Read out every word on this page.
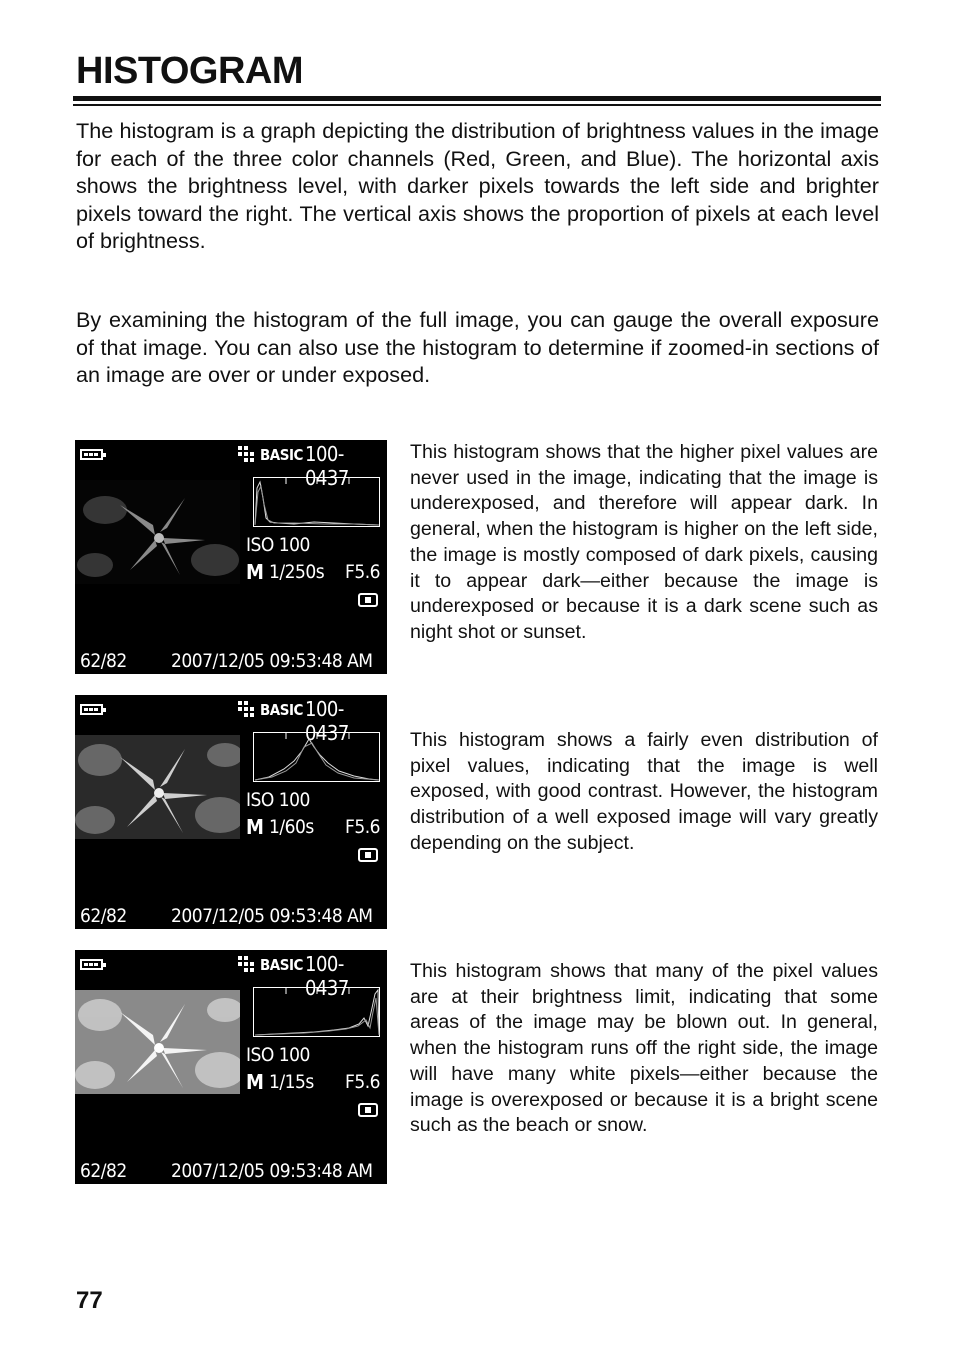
HISTOGRAM
The histogram is a graph depicting the distribution of brightness values in the image for each of the three color channels (Red, Green, and Blue). The horizontal axis shows the brightness level, with darker pixels towards the left side and brighter pixels toward the right. The vertical axis shows the proportion of pixels at each level of brightness.
By examining the histogram of the full image, you can gauge the overall exposure of that image. You can also use the histogram to determine if zoomed-in sections of an image are over or under exposed.
BASIC 100-0437
ISO 100
M 1/250s F5.6
62/82 2007/12/05 09:53:48 AM
This histogram shows that the higher pixel values are never used in the image, indicating that the image is underexposed, and therefore will appear dark. In general, when the histogram is higher on the left side, the image is mostly composed of dark pixels, causing it to appear dark—either because the image is underexposed or because it is a dark scene such as night shot or sunset.
BASIC 100-0437
ISO 100
M 1/60s F5.6
62/82 2007/12/05 09:53:48 AM
This histogram shows a fairly even distribution of pixel values, indicating that the image is well exposed, with good contrast. However, the histogram distribution of a well exposed image will vary greatly depending on the subject.
BASIC 100-0437
ISO 100
M 1/15s F5.6
62/82 2007/12/05 09:53:48 AM
This histogram shows that many of the pixel values are at their brightness limit, indicating that some areas of the image may be blown out. In general, when the histogram runs off the right side, the image will have many white pixels—either because the image is overexposed or because it is a bright scene such as the beach or snow.
77
